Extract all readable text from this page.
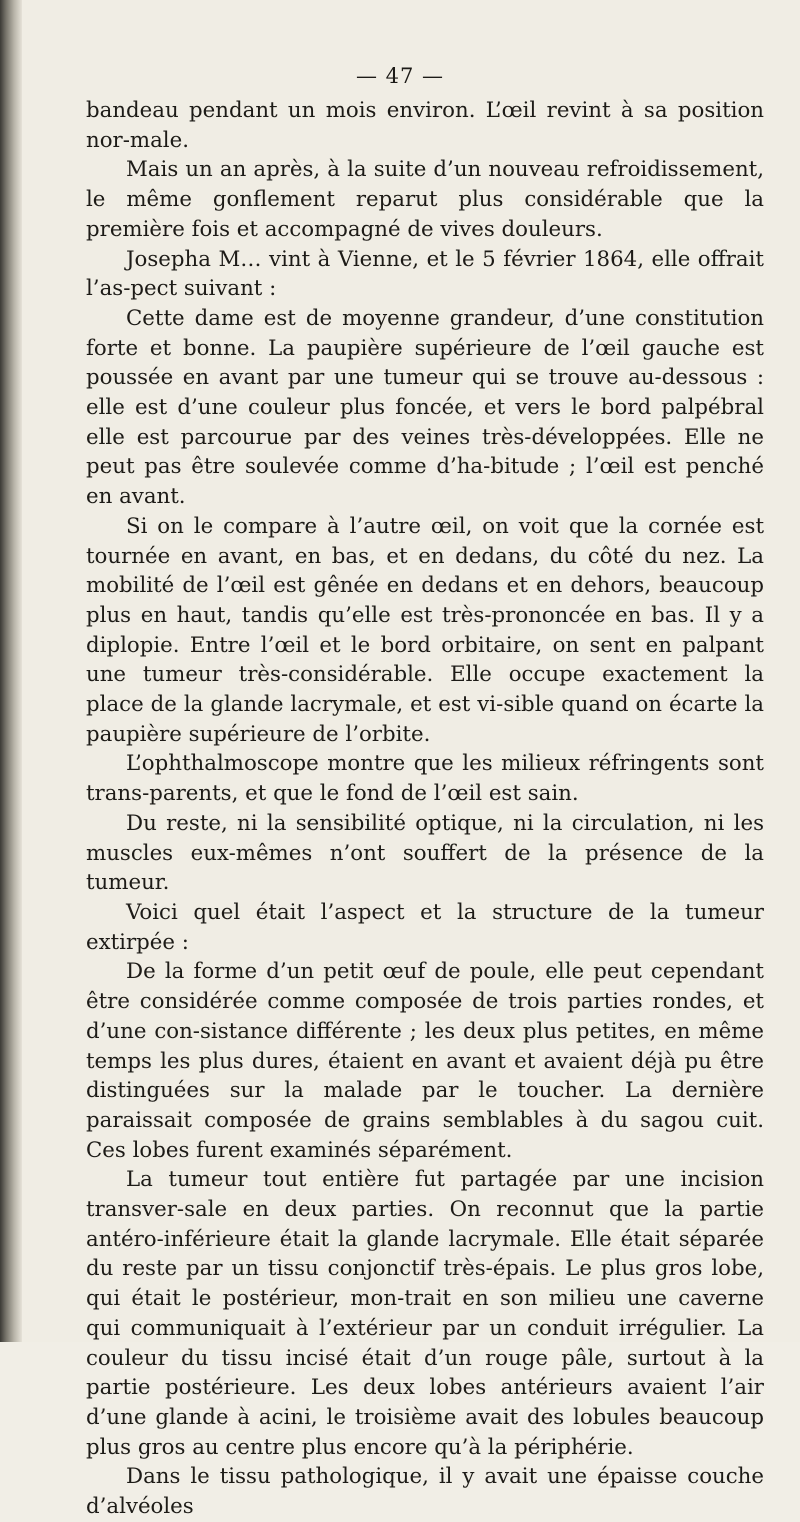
— 47 —

bandeau pendant un mois environ. L’œil revint à sa position nor-male.

Mais un an après, à la suite d’un nouveau refroidissement, le même gonflement reparut plus considérable que la première fois et accompagné de vives douleurs.

Josepha M… vint à Vienne, et le 5 février 1864, elle offrait l’as-pect suivant :

Cette dame est de moyenne grandeur, d’une constitution forte et bonne. La paupière supérieure de l’œil gauche est poussée en avant par une tumeur qui se trouve au-dessous : elle est d’une couleur plus foncée, et vers le bord palpébral elle est parcourue par des veines très-développées. Elle ne peut pas être soulevée comme d’ha-bitude ; l’œil est penché en avant.

Si on le compare à l’autre œil, on voit que la cornée est tournée en avant, en bas, et en dedans, du côté du nez. La mobilité de l’œil est gênée en dedans et en dehors, beaucoup plus en haut, tandis qu’elle est très-prononcée en bas. Il y a diplopie. Entre l’œil et le bord orbitaire, on sent en palpant une tumeur très-considérable. Elle occupe exactement la place de la glande lacrymale, et est vi-sible quand on écarte la paupière supérieure de l’orbite.

L’ophthalmoscope montre que les milieux réfringents sont trans-parents, et que le fond de l’œil est sain.

Du reste, ni la sensibilité optique, ni la circulation, ni les muscles eux-mêmes n’ont souffert de la présence de la tumeur.

Voici quel était l’aspect et la structure de la tumeur extirpée :

De la forme d’un petit œuf de poule, elle peut cependant être considérée comme composée de trois parties rondes, et d’une con-sistance différente ; les deux plus petites, en même temps les plus dures, étaient en avant et avaient déjà pu être distinguées sur la malade par le toucher. La dernière paraissait composée de grains semblables à du sagou cuit. Ces lobes furent examinés séparément.

La tumeur tout entière fut partagée par une incision transver-sale en deux parties. On reconnut que la partie antéro-inférieure était la glande lacrymale. Elle était séparée du reste par un tissu conjonctif très-épais. Le plus gros lobe, qui était le postérieur, mon-trait en son milieu une caverne qui communiquait à l’extérieur par un conduit irrégulier. La couleur du tissu incisé était d’un rouge pâle, surtout à la partie postérieure. Les deux lobes antérieurs avaient l’air d’une glande à acini, le troisième avait des lobules beaucoup plus gros au centre plus encore qu’à la périphérie.

Dans le tissu pathologique, il y avait une épaisse couche d’alvéoles
